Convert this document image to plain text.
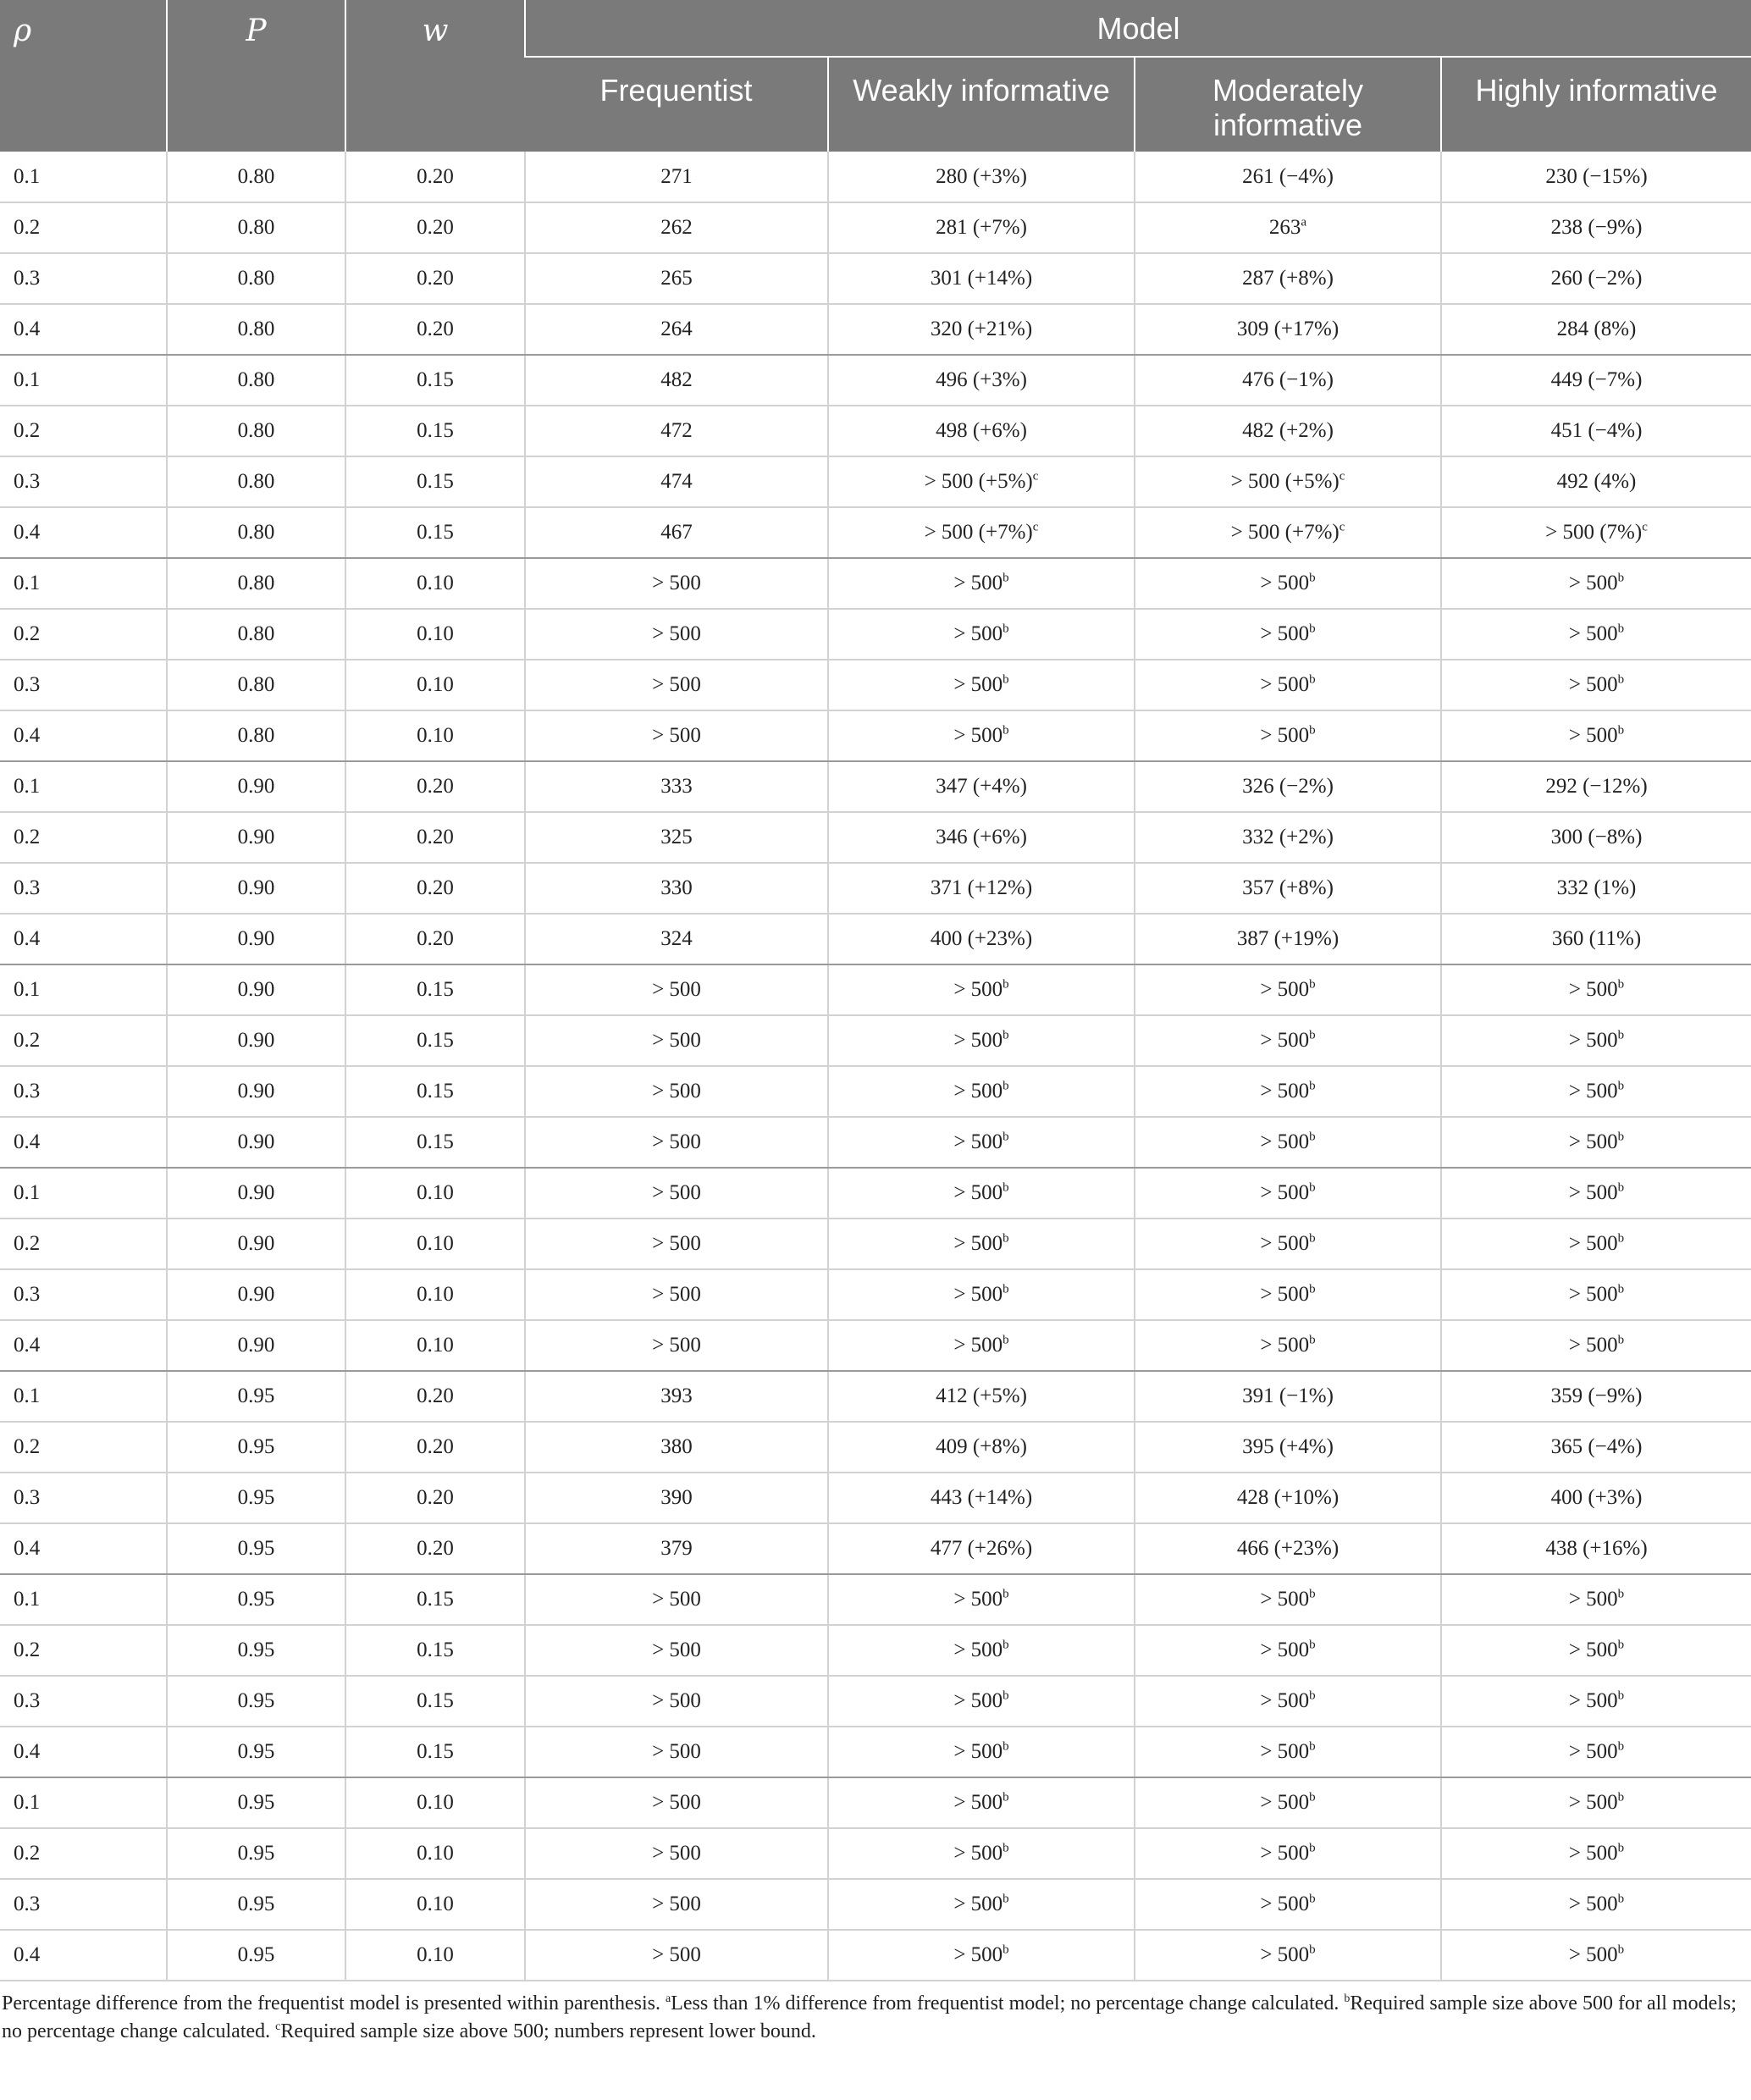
ρ	P	w	Model			
			Frequentist	Weakly informative	Moderately informative	Highly informative
0.1	0.80	0.20	271	280 (+3%)	261 (−4%)	230 (−15%)
0.2	0.80	0.20	262	281 (+7%)	263$^a$	238 (−9%)
0.3	0.80	0.20	265	301 (+14%)	287 (+8%)	260 (−2%)
0.4	0.80	0.20	264	320 (+21%)	309 (+17%)	284 (8%)
0.1	0.80	0.15	482	496 (+3%)	476 (−1%)	449 (−7%)
0.2	0.80	0.15	472	498 (+6%)	482 (+2%)	451 (−4%)
0.3	0.80	0.15	474	> 500 $(+5\%)^c$	> 500 $(+5\%)^c$	492 (4%)
0.4	0.80	0.15	467	> 500 $(+7\%)^c$	> 500 $(+7\%)^c$	> 500 $(7\%)^c$
0.1	0.80	0.10	> 500	> $500^b$	> $500^b$	> $500^b$
0.2	0.80	0.10	> 500	> $500^b$	> $500^b$	> $500^b$
0.3	0.80	0.10	> 500	> $500^b$	> $500^b$	> $500^b$
0.4	0.80	0.10	> 500	> $500^b$	> $500^b$	> $500^b$
0.1	0.90	0.20	333	347 (+4%)	326 (−2%)	292 (−12%)
0.2	0.90	0.20	325	346 (+6%)	332 (+2%)	300 (−8%)
0.3	0.90	0.20	330	371 (+12%)	357 (+8%)	332 (1%)
0.4	0.90	0.20	324	400 (+23%)	387 (+19%)	360 (11%)
0.1	0.90	0.15	> 500	> $500^b$	> $500^b$	> $500^b$
0.2	0.90	0.15	> 500	> $500^b$	> $500^b$	> $500^b$
0.3	0.90	0.15	> 500	> $500^b$	> $500^b$	> $500^b$
0.4	0.90	0.15	> 500	> $500^b$	> $500^b$	> $500^b$
0.1	0.90	0.10	> 500	> $500^b$	> $500^b$	> $500^b$
0.2	0.90	0.10	> 500	> $500^b$	> $500^b$	> $500^b$
0.3	0.90	0.10	> 500	> $500^b$	> $500^b$	> $500^b$
0.4	0.90	0.10	> 500	> $500^b$	> $500^b$	> $500^b$
0.1	0.95	0.20	393	412 (+5%)	391 (−1%)	359 (−9%)
0.2	0.95	0.20	380	409 (+8%)	395 (+4%)	365 (−4%)
0.3	0.95	0.20	390	443 (+14%)	428 (+10%)	400 (+3%)
0.4	0.95	0.20	379	477 (+26%)	466 (+23%)	438 (+16%)
0.1	0.95	0.15	> 500	> $500^b$	> $500^b$	> $500^b$
0.2	0.95	0.15	> 500	> $500^b$	> $500^b$	> $500^b$
0.3	0.95	0.15	> 500	> $500^b$	> $500^b$	> $500^b$
0.4	0.95	0.15	> 500	> $500^b$	> $500^b$	> $500^b$
0.1	0.95	0.10	> 500	> $500^b$	> $500^b$	> $500^b$
0.2	0.95	0.10	> 500	> $500^b$	> $500^b$	> $500^b$
0.3	0.95	0.10	> 500	> $500^b$	> $500^b$	> $500^b$
0.4	0.95	0.10	> 500	> $500^b$	> $500^b$	> $500^b$
Percentage difference from the frequentist model is presented within parenthesis. $^a$Less than 1% difference from frequentist model; no percentage change calculated. $^b$Required sample size above 500 for all models; no percentage change calculated. $^c$Required sample size above 500; numbers represent lower bound.
